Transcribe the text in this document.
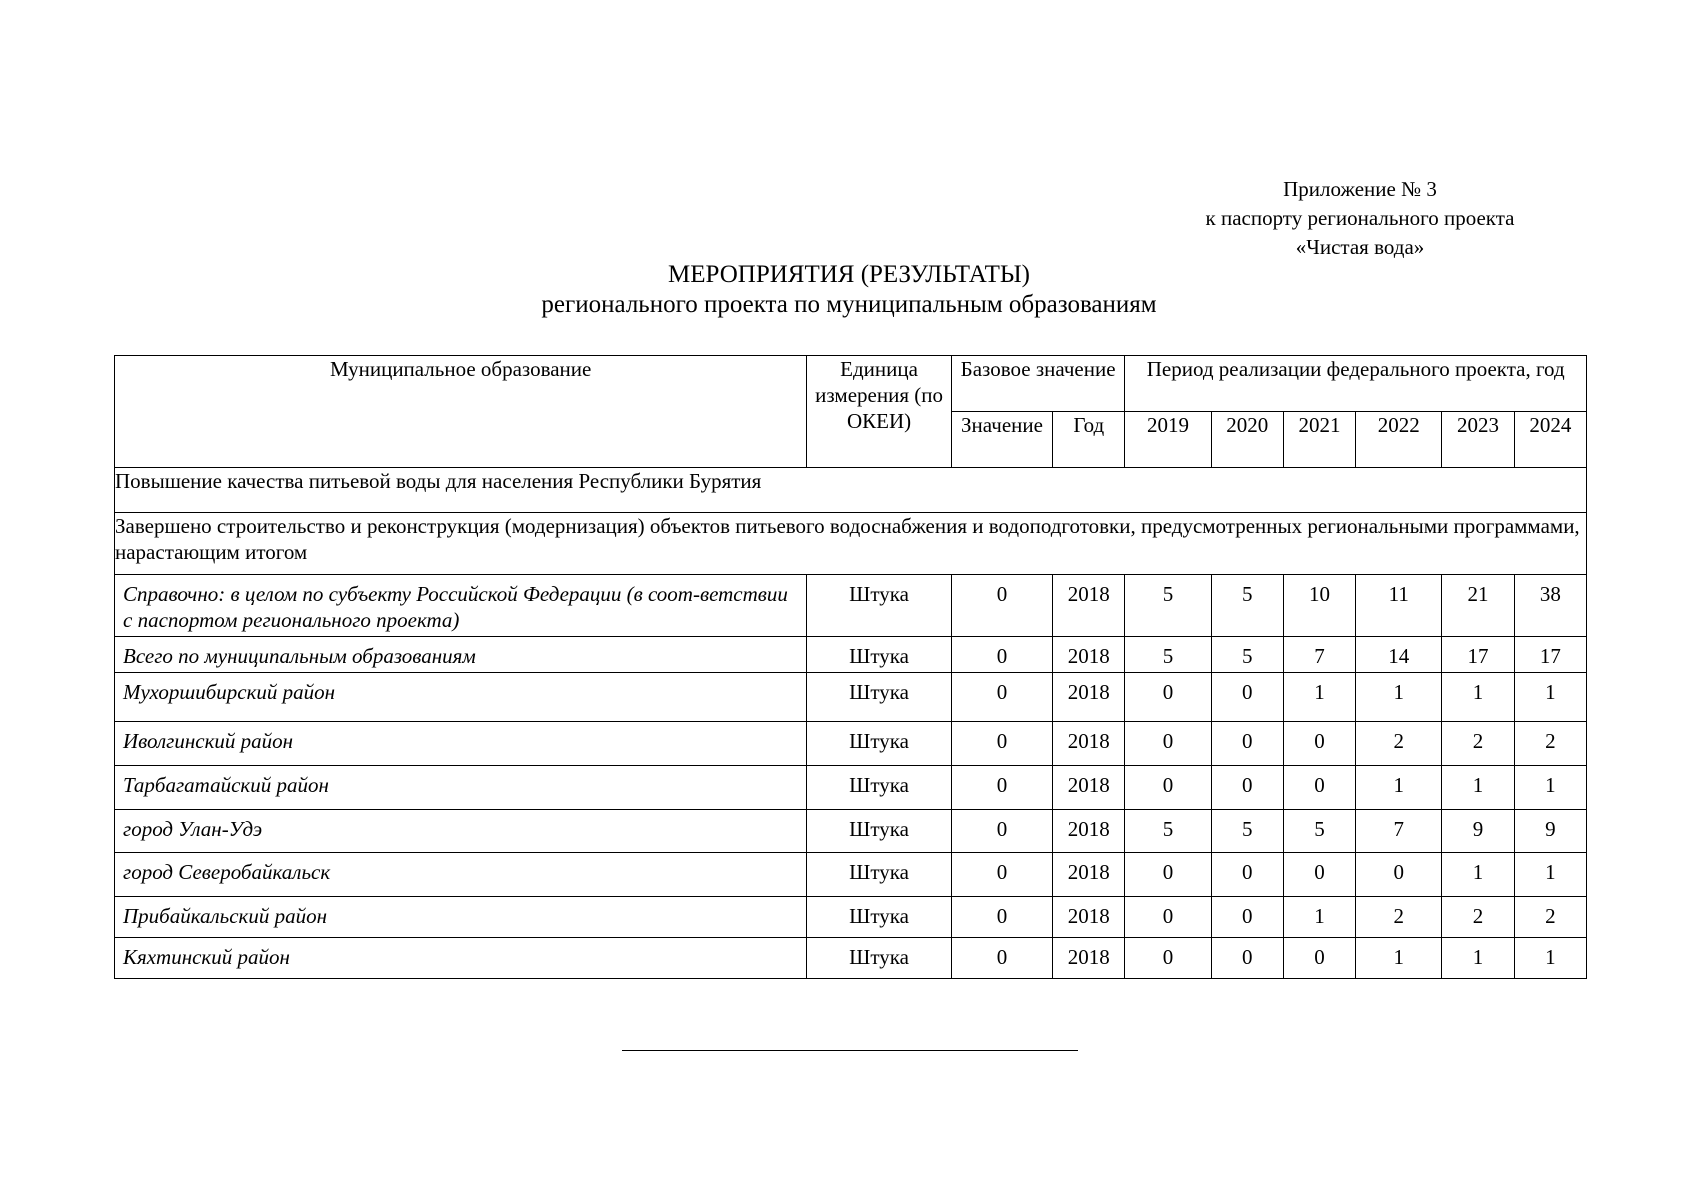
Приложение № 3
к паспорту регионального проекта
«Чистая вода»
МЕРОПРИЯТИЯ (РЕЗУЛЬТАТЫ)
регионального проекта по муниципальным образованиям
Муниципальное образование	Единица измерения (по ОКЕИ)	Базовое значение		Период реализации федерального проекта, год					
		Значение	Год	2019	2020	2021	2022	2023	2024
Повышение качества питьевой воды для населения Республики Бурятия									
Завершено строительство и реконструкция (модернизация) объектов питьевого водоснабжения и водоподготовки, предусмотренных региональными программами, нарастающим итогом									
Справочно: в целом по субъекту Российской Федерации (в соот-ветствии с паспортом регионального проекта)	Штука	0	2018	5	5	10	11	21	38
Всего по муниципальным образованиям	Штука	0	2018	5	5	7	14	17	17
Мухоршибирский район	Штука	0	2018	0	0	1	1	1	1
Иволгинский район	Штука	0	2018	0	0	0	2	2	2
Тарбагатайский район	Штука	0	2018	0	0	0	1	1	1
город Улан-Удэ	Штука	0	2018	5	5	5	7	9	9
город Северобайкальск	Штука	0	2018	0	0	0	0	1	1
Прибайкальский район	Штука	0	2018	0	0	1	2	2	2
Кяхтинский район	Штука	0	2018	0	0	0	1	1	1
